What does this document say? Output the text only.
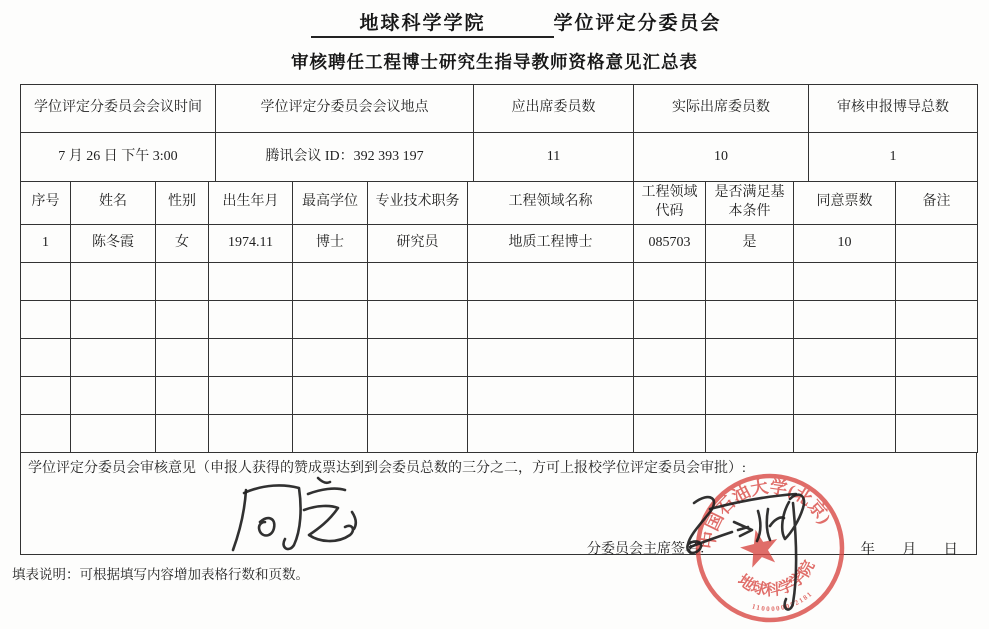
地球科学学院	学位评定分委员会
审核聘任工程博士研究生指导教师资格意见汇总表
学位评定分委员会会议时间	学位评定分委员会会议地点	应出席委员数	实际出席委员数	审核申报博导总数
7 月 26 日 下午 3:00	腾讯会议 ID：392 393 197	11	10	1
序号	姓名	性别	出生年月	最高学位	专业技术职务	工程领域名称	工程领域代码	是否满足基本条件	同意票数	备注
1	陈冬霞	女	1974.11	博士	研究员	地质工程博士	085703	是	10	

学位评定分委员会审核意见（申报人获得的赞成票达到到会委员总数的三分之二，方可上报校学位评定委员会审批）:
中国石油大学(北京)
地球科学学院
1100000052181
分委员会主席签名：	年 月 日
填表说明：可根据填写内容增加表格行数和页数。
